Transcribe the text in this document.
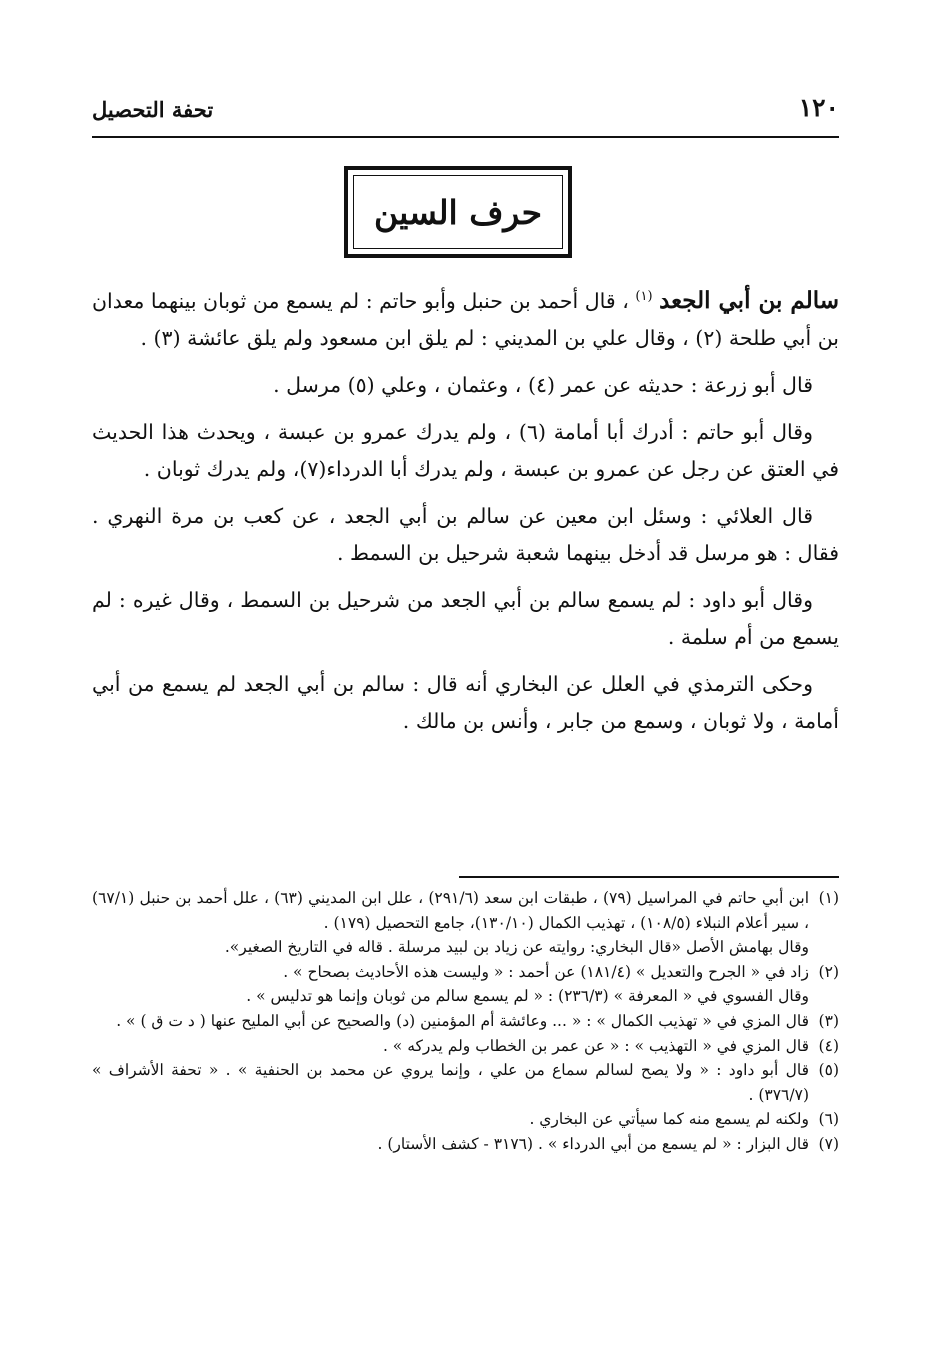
١٢٠
تحفة التحصيل
حرف السين

سالم بن أبي الجعد $^{(١)}$ ، قال أحمد بن حنبل وأبو حاتم : لم يسمع من ثوبان بينهما معدان بن أبي طلحة (٢) ، وقال علي بن المديني : لم يلق ابن مسعود ولم يلق عائشة (٣) .

قال أبو زرعة : حديثه عن عمر (٤) ، وعثمان ، وعلي (٥) مرسل .

وقال أبو حاتم : أدرك أبا أمامة (٦) ، ولم يدرك عمرو بن عبسة ، ويحدث هذا الحديث في العتق عن رجل عن عمرو بن عبسة ، ولم يدرك أبا الدرداء(٧)، ولم يدرك ثوبان .

قال العلائي : وسئل ابن معين عن سالم بن أبي الجعد ، عن كعب بن مرة النهري . فقال : هو مرسل قد أدخل بينهما شعبة شرحيل بن السمط .

وقال أبو داود : لم يسمع سالم بن أبي الجعد من شرحيل بن السمط ، وقال غيره : لم يسمع من أم سلمة .

وحكى الترمذي في العلل عن البخاري أنه قال : سالم بن أبي الجعد لم يسمع من أبي أمامة ، ولا ثوبان ، وسمع من جابر ، وأنس بن مالك .

(١)ابن أبي حاتم في المراسيل (٧٩) ، طبقات ابن سعد (٢٩١/٦) ، علل ابن المديني (٦٣) ، علل أحمد بن حنبل (٦٧/١) ، سير أعلام النبلاء (١٠٨/٥) ، تهذيب الكمال (١٣٠/١٠)، جامع التحصيل (١٧٩) .

وقال بهامش الأصل «قال البخاري: روايته عن زياد بن لبيد مرسلة . قاله في التاريخ الصغير».

(٢)زاد في « الجرح والتعديل » (١٨١/٤) عن أحمد : « وليست هذه الأحاديث بصحاح » .

وقال الفسوي في « المعرفة » (٢٣٦/٣) : « لم يسمع سالم من ثوبان وإنما هو تدليس » .

(٣)قال المزي في « تهذيب الكمال » : « ... وعائشة أم المؤمنين (د) والصحيح عن أبي المليح عنها ( د ت ق ) » .

(٤)قال المزي في « التهذيب » : « عن عمر بن الخطاب ولم يدركه » .

(٥)قال أبو داود : « ولا يصح لسالم سماع من علي ، وإنما يروي عن محمد بن الحنفية » . « تحفة الأشراف » (٣٧٦/٧) .

(٦)ولكنه لم يسمع منه كما سيأتي عن البخاري .

(٧)قال البزار : « لم يسمع من أبي الدرداء » . (٣١٧٦ - كشف الأستار) .
